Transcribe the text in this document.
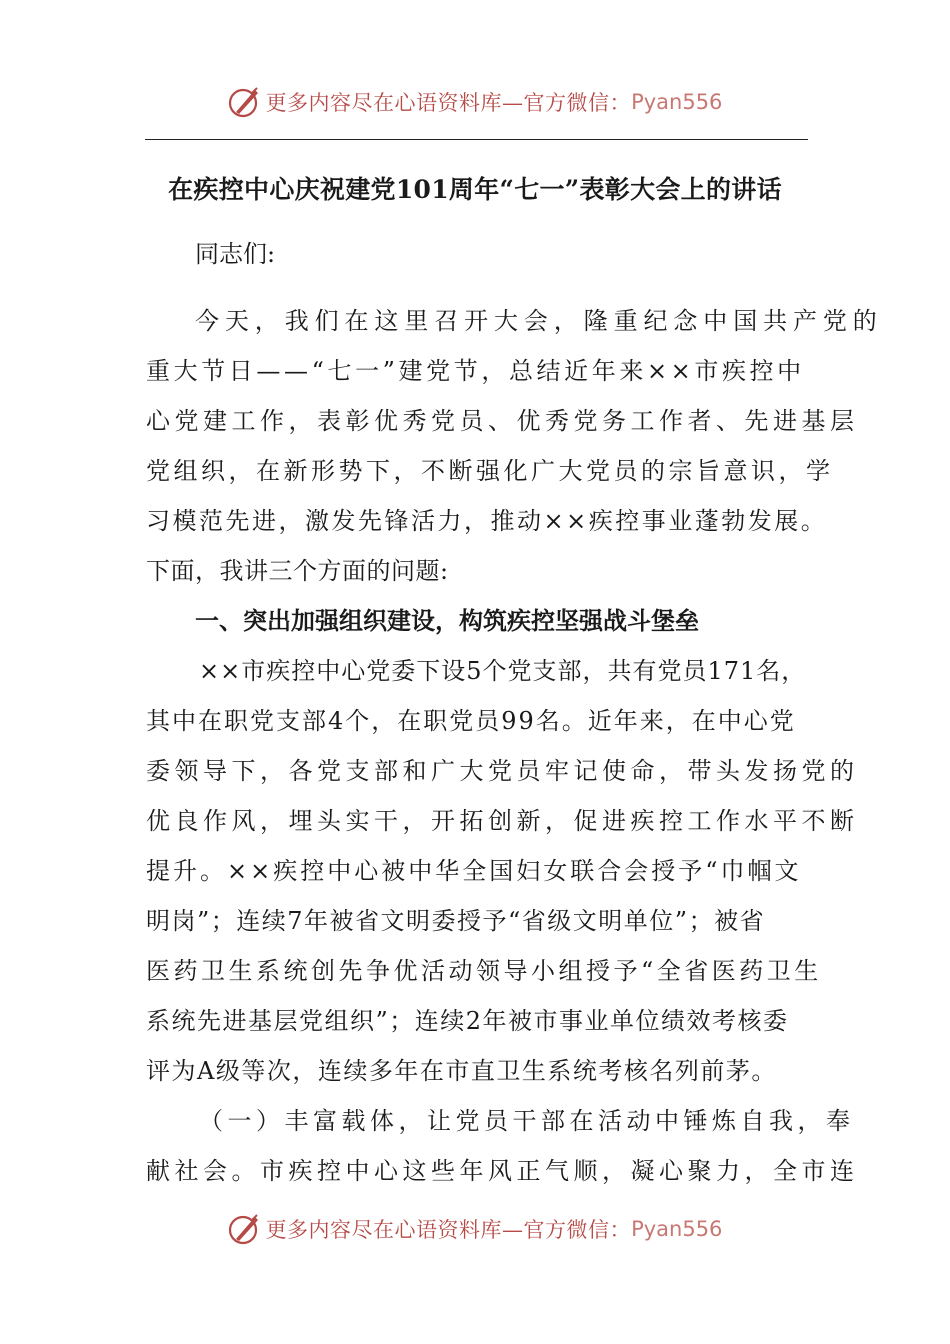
更多内容尽在心语资料库—官方微信： Pyan556
在疾控中心庆祝建党101周年“七一”表彰大会上的讲话
同志们:
今天，我们在这里召开大会，隆重纪念中国共产党的
重大节日——“七一”建党节，总结近年来××市疾控中
心党建工作，表彰优秀党员、优秀党务工作者、先进基层
党组织，在新形势下，不断强化广大党员的宗旨意识，学
习模范先进，激发先锋活力，推动××疾控事业蓬勃发展。
下面，我讲三个方面的问题:
一、突出加强组织建设，构筑疾控坚强战斗堡垒
××市疾控中心党委下设5个党支部，共有党员171名，
其中在职党支部4个，在职党员99名。近年来，在中心党
委领导下，各党支部和广大党员牢记使命，带头发扬党的
优良作风，埋头实干，开拓创新，促进疾控工作水平不断
提升。××疾控中心被中华全国妇女联合会授予“巾帼文
明岗”；连续7年被省文明委授予“省级文明单位”；被省
医药卫生系统创先争优活动领导小组授予“全省医药卫生
系统先进基层党组织”；连续2年被市事业单位绩效考核委
评为A级等次，连续多年在市直卫生系统考核名列前茅。
（一）丰富载体，让党员干部在活动中锤炼自我，奉
献社会。市疾控中心这些年风正气顺，凝心聚力，全市连
更多内容尽在心语资料库—官方微信： Pyan556
